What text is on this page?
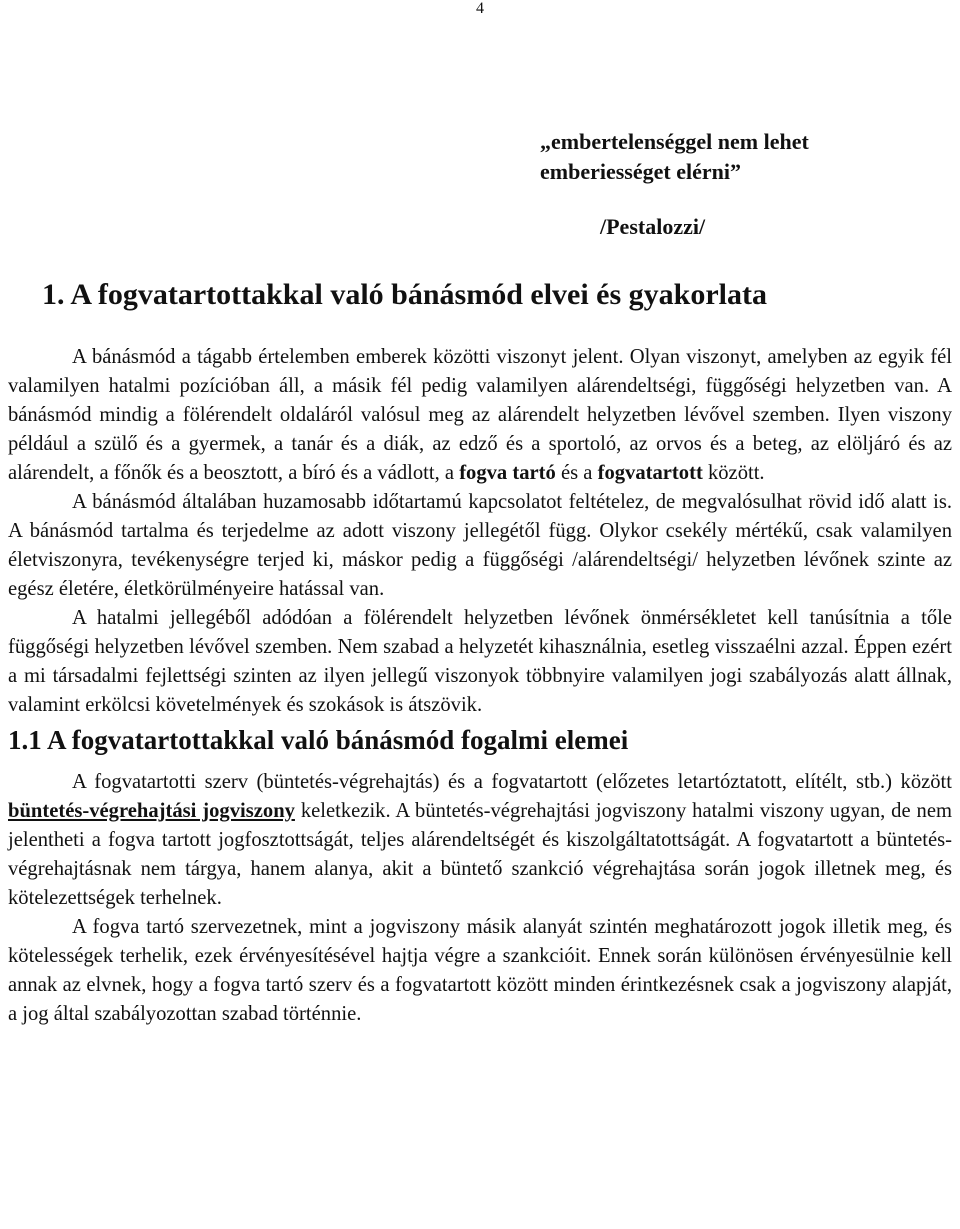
4
„embertelenséggel nem lehet
emberiességet elérni”
/Pestalozzi/
1. A fogvatartottakkal való bánásmód elvei és gyakorlata

A bánásmód a tágabb értelemben emberek közötti viszonyt jelent. Olyan viszonyt, amelyben az egyik fél valamilyen hatalmi pozícióban áll, a másik fél pedig valamilyen alárendeltségi, függőségi helyzetben van. A bánásmód mindig a fölérendelt oldaláról valósul meg az alárendelt helyzetben lévővel szemben. Ilyen viszony például a szülő és a gyermek, a tanár és a diák, az edző és a sportoló, az orvos és a beteg, az elöljáró és az alárendelt, a főnők és a beosztott, a bíró és a vádlott, a fogva tartó és a fogvatartott között.

A bánásmód általában huzamosabb időtartamú kapcsolatot feltételez, de megvalósulhat rövid idő alatt is. A bánásmód tartalma és terjedelme az adott viszony jellegétől függ. Olykor csekély mértékű, csak valamilyen életviszonyra, tevékenységre terjed ki, máskor pedig a függőségi /alárendeltségi/ helyzetben lévőnek szinte az egész életére, életkörülményeire hatással van.

A hatalmi jellegéből adódóan a fölérendelt helyzetben lévőnek önmérsékletet kell tanúsítnia a tőle függőségi helyzetben lévővel szemben. Nem szabad a helyzetét kihasználnia, esetleg visszaélni azzal. Éppen ezért a mi társadalmi fejlettségi szinten az ilyen jellegű viszonyok többnyire valamilyen jogi szabályozás alatt állnak, valamint erkölcsi követelmények és szokások is átszövik.

1.1 A fogvatartottakkal való bánásmód fogalmi elemei

A fogvatartotti szerv (büntetés-végrehajtás) és a fogvatartott (előzetes letartóztatott, elítélt, stb.) között büntetés-végrehajtási jogviszony keletkezik. A büntetés-végrehajtási jogviszony hatalmi viszony ugyan, de nem jelentheti a fogva tartott jogfosztottságát, teljes alárendeltségét és kiszolgáltatottságát. A fogvatartott a büntetés-végrehajtásnak nem tárgya, hanem alanya, akit a büntető szankció végrehajtása során jogok illetnek meg, és kötelezettségek terhelnek.

A fogva tartó szervezetnek, mint a jogviszony másik alanyát szintén meghatározott jogok illetik meg, és kötelességek terhelik, ezek érvényesítésével hajtja végre a szankcióit. Ennek során különösen érvényesülnie kell annak az elvnek, hogy a fogva tartó szerv és a fogvatartott között minden érintkezésnek csak a jogviszony alapját, a jog által szabályozottan szabad történnie.
